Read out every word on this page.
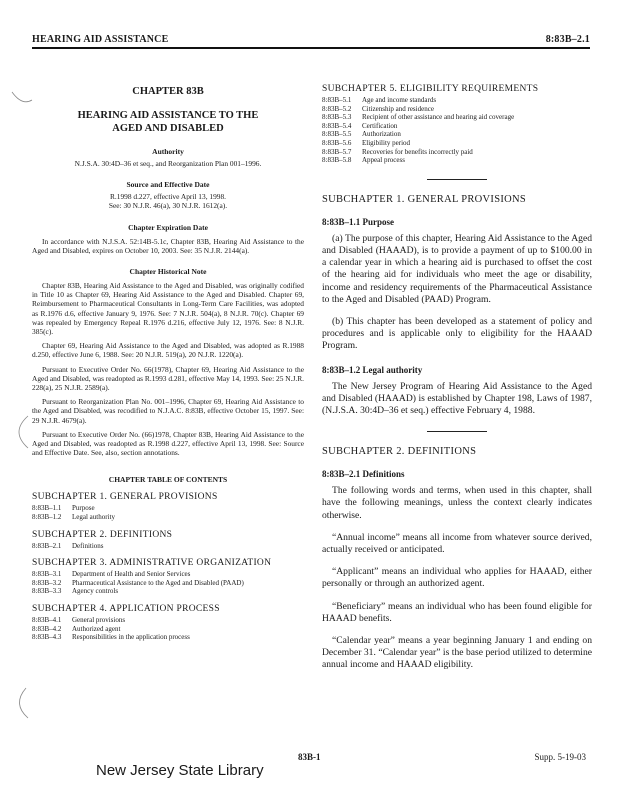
HEARING AID ASSISTANCE	8:83B–2.1
CHAPTER 83B
HEARING AID ASSISTANCE TO THE
AGED AND DISABLED
Authority
N.J.S.A. 30:4D–36 et seq., and Reorganization Plan 001–1996.
Source and Effective Date
R.1998 d.227, effective April 13, 1998.
See: 30 N.J.R. 46(a), 30 N.J.R. 1612(a).
Chapter Expiration Date
In accordance with N.J.S.A. 52:14B-5.1c, Chapter 83B, Hearing Aid Assistance to the Aged and Disabled, expires on October 10, 2003. See: 35 N.J.R. 2144(a).
Chapter Historical Note
Chapter 83B, Hearing Aid Assistance to the Aged and Disabled, was originally codified in Title 10 as Chapter 69, Hearing Aid Assistance to the Aged and Disabled. Chapter 69, Reimbursement to Pharmaceutical Consultants in Long-Term Care Facilities, was adopted as R.1976 d.6, effective January 9, 1976. See: 7 N.J.R. 504(a), 8 N.J.R. 70(c). Chapter 69 was repealed by Emergency Repeal R.1976 d.216, effective July 12, 1976. See: 8 N.J.R. 385(c).
Chapter 69, Hearing Aid Assistance to the Aged and Disabled, was adopted as R.1988 d.250, effective June 6, 1988. See: 20 N.J.R. 519(a), 20 N.J.R. 1220(a).
Pursuant to Executive Order No. 66(1978), Chapter 69, Hearing Aid Assistance to the Aged and Disabled, was readopted as R.1993 d.281, effective May 14, 1993. See: 25 N.J.R. 228(a), 25 N.J.R. 2589(a).
Pursuant to Reorganization Plan No. 001–1996, Chapter 69, Hearing Aid Assistance to the Aged and Disabled, was recodified to N.J.A.C. 8:83B, effective October 15, 1997. See: 29 N.J.R. 4679(a).
Pursuant to Executive Order No. (66)1978, Chapter 83B, Hearing Aid Assistance to the Aged and Disabled, was readopted as R.1998 d.227, effective April 13, 1998. See: Source and Effective Date. See, also, section annotations.
CHAPTER TABLE OF CONTENTS
SUBCHAPTER 1. GENERAL PROVISIONS
8:83B–1.1	Purpose
8:83B–1.2	Legal authority
SUBCHAPTER 2. DEFINITIONS
8:83B–2.1	Definitions
SUBCHAPTER 3. ADMINISTRATIVE ORGANIZATION
8:83B–3.1	Department of Health and Senior Services
8:83B–3.2	Pharmaceutical Assistance to the Aged and Disabled (PAAD)
8:83B–3.3	Agency controls
SUBCHAPTER 4. APPLICATION PROCESS
8:83B–4.1	General provisions
8:83B–4.2	Authorized agent
8:83B–4.3	Responsibilities in the application process
SUBCHAPTER 5. ELIGIBILITY REQUIREMENTS
8:83B–5.1	Age and income standards
8:83B–5.2	Citizenship and residence
8:83B–5.3	Recipient of other assistance and hearing aid coverage
8:83B–5.4	Certification
8:83B–5.5	Authorization
8:83B–5.6	Eligibility period
8:83B–5.7	Recoveries for benefits incorrectly paid
8:83B–5.8	Appeal process
SUBCHAPTER 1. GENERAL PROVISIONS
8:83B–1.1 Purpose
(a) The purpose of this chapter, Hearing Aid Assistance to the Aged and Disabled (HAAAD), is to provide a payment of up to $100.00 in a calendar year in which a hearing aid is purchased to offset the cost of the hearing aid for individuals who meet the age or disability, income and residency requirements of the Pharmaceutical Assistance to the Aged and Disabled (PAAD) Program.
(b) This chapter has been developed as a statement of policy and procedures and is applicable only to eligibility for the HAAAD Program.
8:83B–1.2 Legal authority
The New Jersey Program of Hearing Aid Assistance to the Aged and Disabled (HAAAD) is established by Chapter 198, Laws of 1987, (N.J.S.A. 30:4D–36 et seq.) effective February 4, 1988.
SUBCHAPTER 2. DEFINITIONS
8:83B–2.1 Definitions
The following words and terms, when used in this chapter, shall have the following meanings, unless the context clearly indicates otherwise.
“Annual income” means all income from whatever source derived, actually received or anticipated.
“Applicant” means an individual who applies for HAAAD, either personally or through an authorized agent.
“Beneficiary” means an individual who has been found eligible for HAAAD benefits.
“Calendar year” means a year beginning January 1 and ending on December 31. “Calendar year” is the base period utilized to determine annual income and HAAAD eligibility.
New Jersey State Library
83B-1	Supp. 5-19-03
